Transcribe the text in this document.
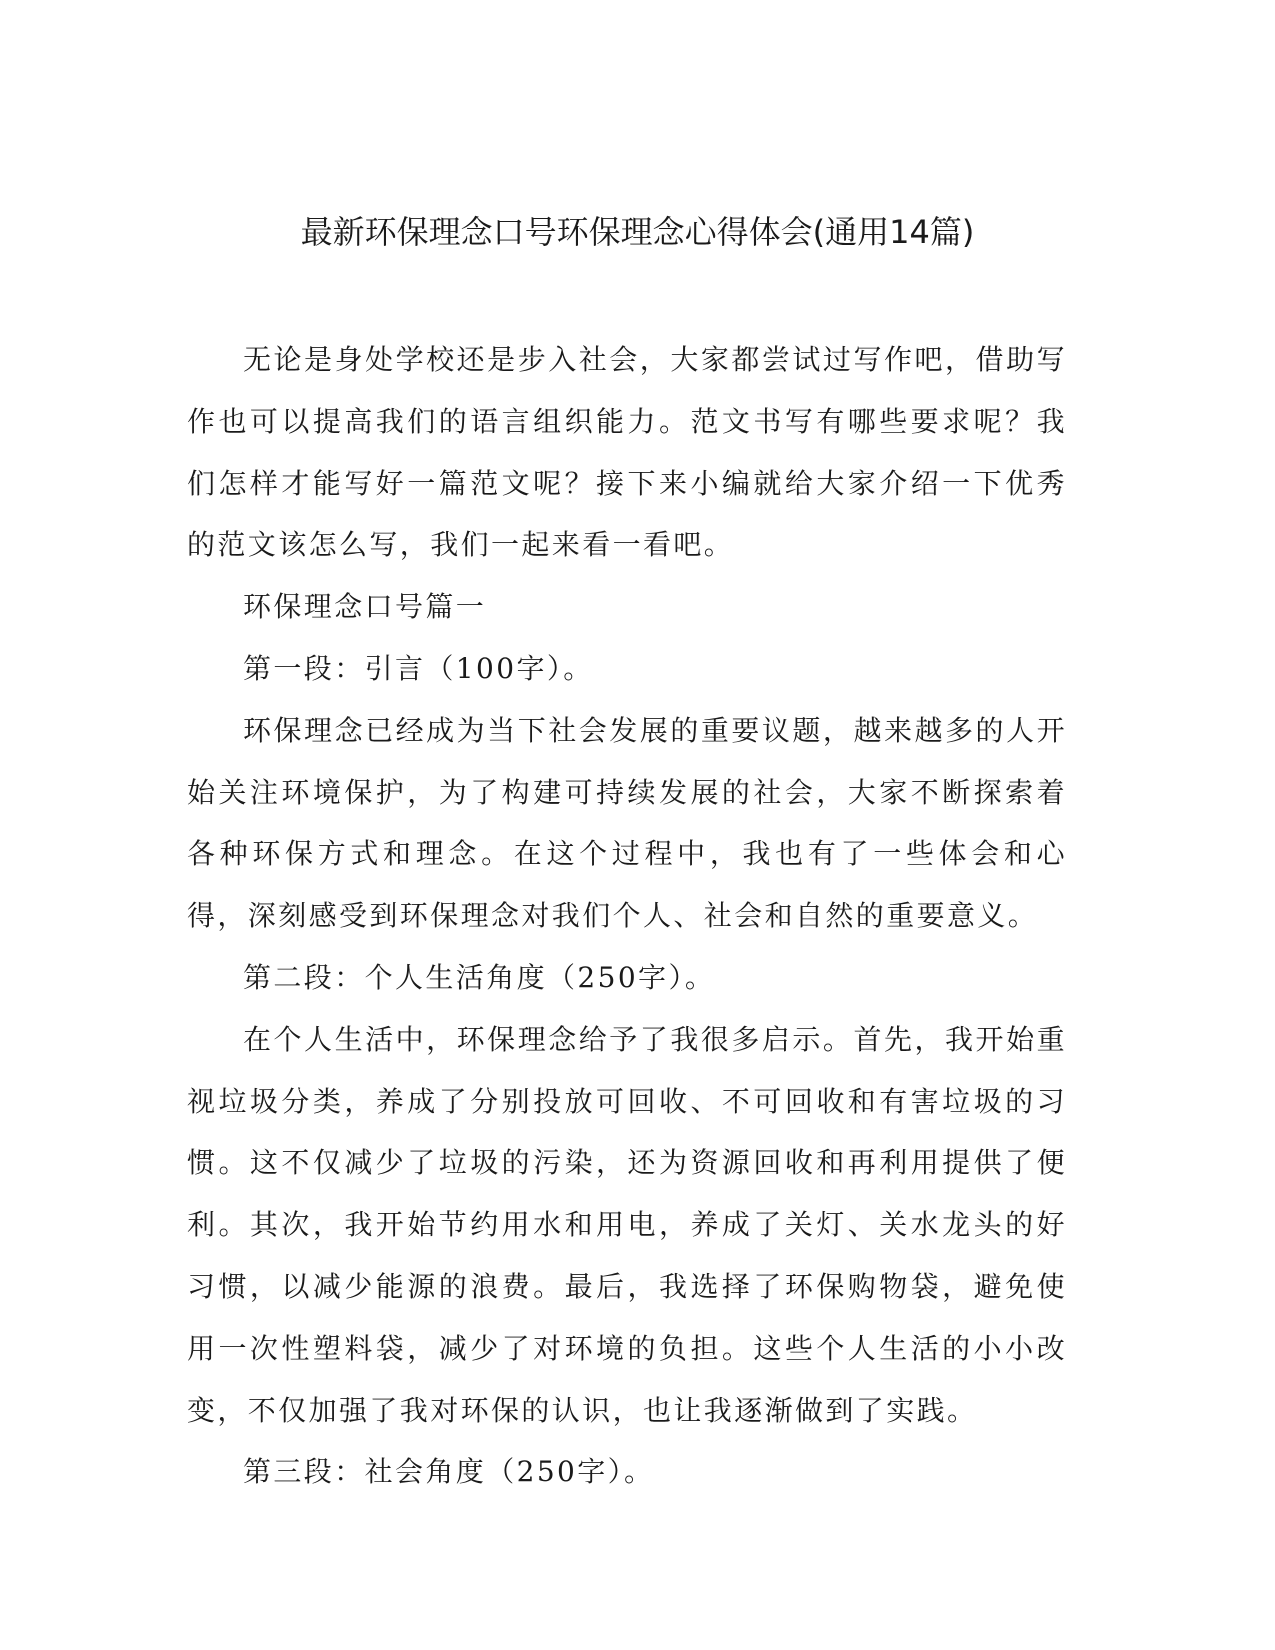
最新环保理念口号环保理念心得体会(通用14篇)

无论是身处学校还是步入社会，大家都尝试过写作吧，借助写作也可以提高我们的语言组织能力。范文书写有哪些要求呢？我们怎样才能写好一篇范文呢？接下来小编就给大家介绍一下优秀的范文该怎么写，我们一起来看一看吧。

环保理念口号篇一

第一段：引言（100字）。

环保理念已经成为当下社会发展的重要议题，越来越多的人开始关注环境保护，为了构建可持续发展的社会，大家不断探索着各种环保方式和理念。在这个过程中，我也有了一些体会和心得，深刻感受到环保理念对我们个人、社会和自然的重要意义。

第二段：个人生活角度（250字）。

在个人生活中，环保理念给予了我很多启示。首先，我开始重视垃圾分类，养成了分别投放可回收、不可回收和有害垃圾的习惯。这不仅减少了垃圾的污染，还为资源回收和再利用提供了便利。其次，我开始节约用水和用电，养成了关灯、关水龙头的好习惯，以减少能源的浪费。最后，我选择了环保购物袋，避免使用一次性塑料袋，减少了对环境的负担。这些个人生活的小小改变，不仅加强了我对环保的认识，也让我逐渐做到了实践。

第三段：社会角度（250字）。
